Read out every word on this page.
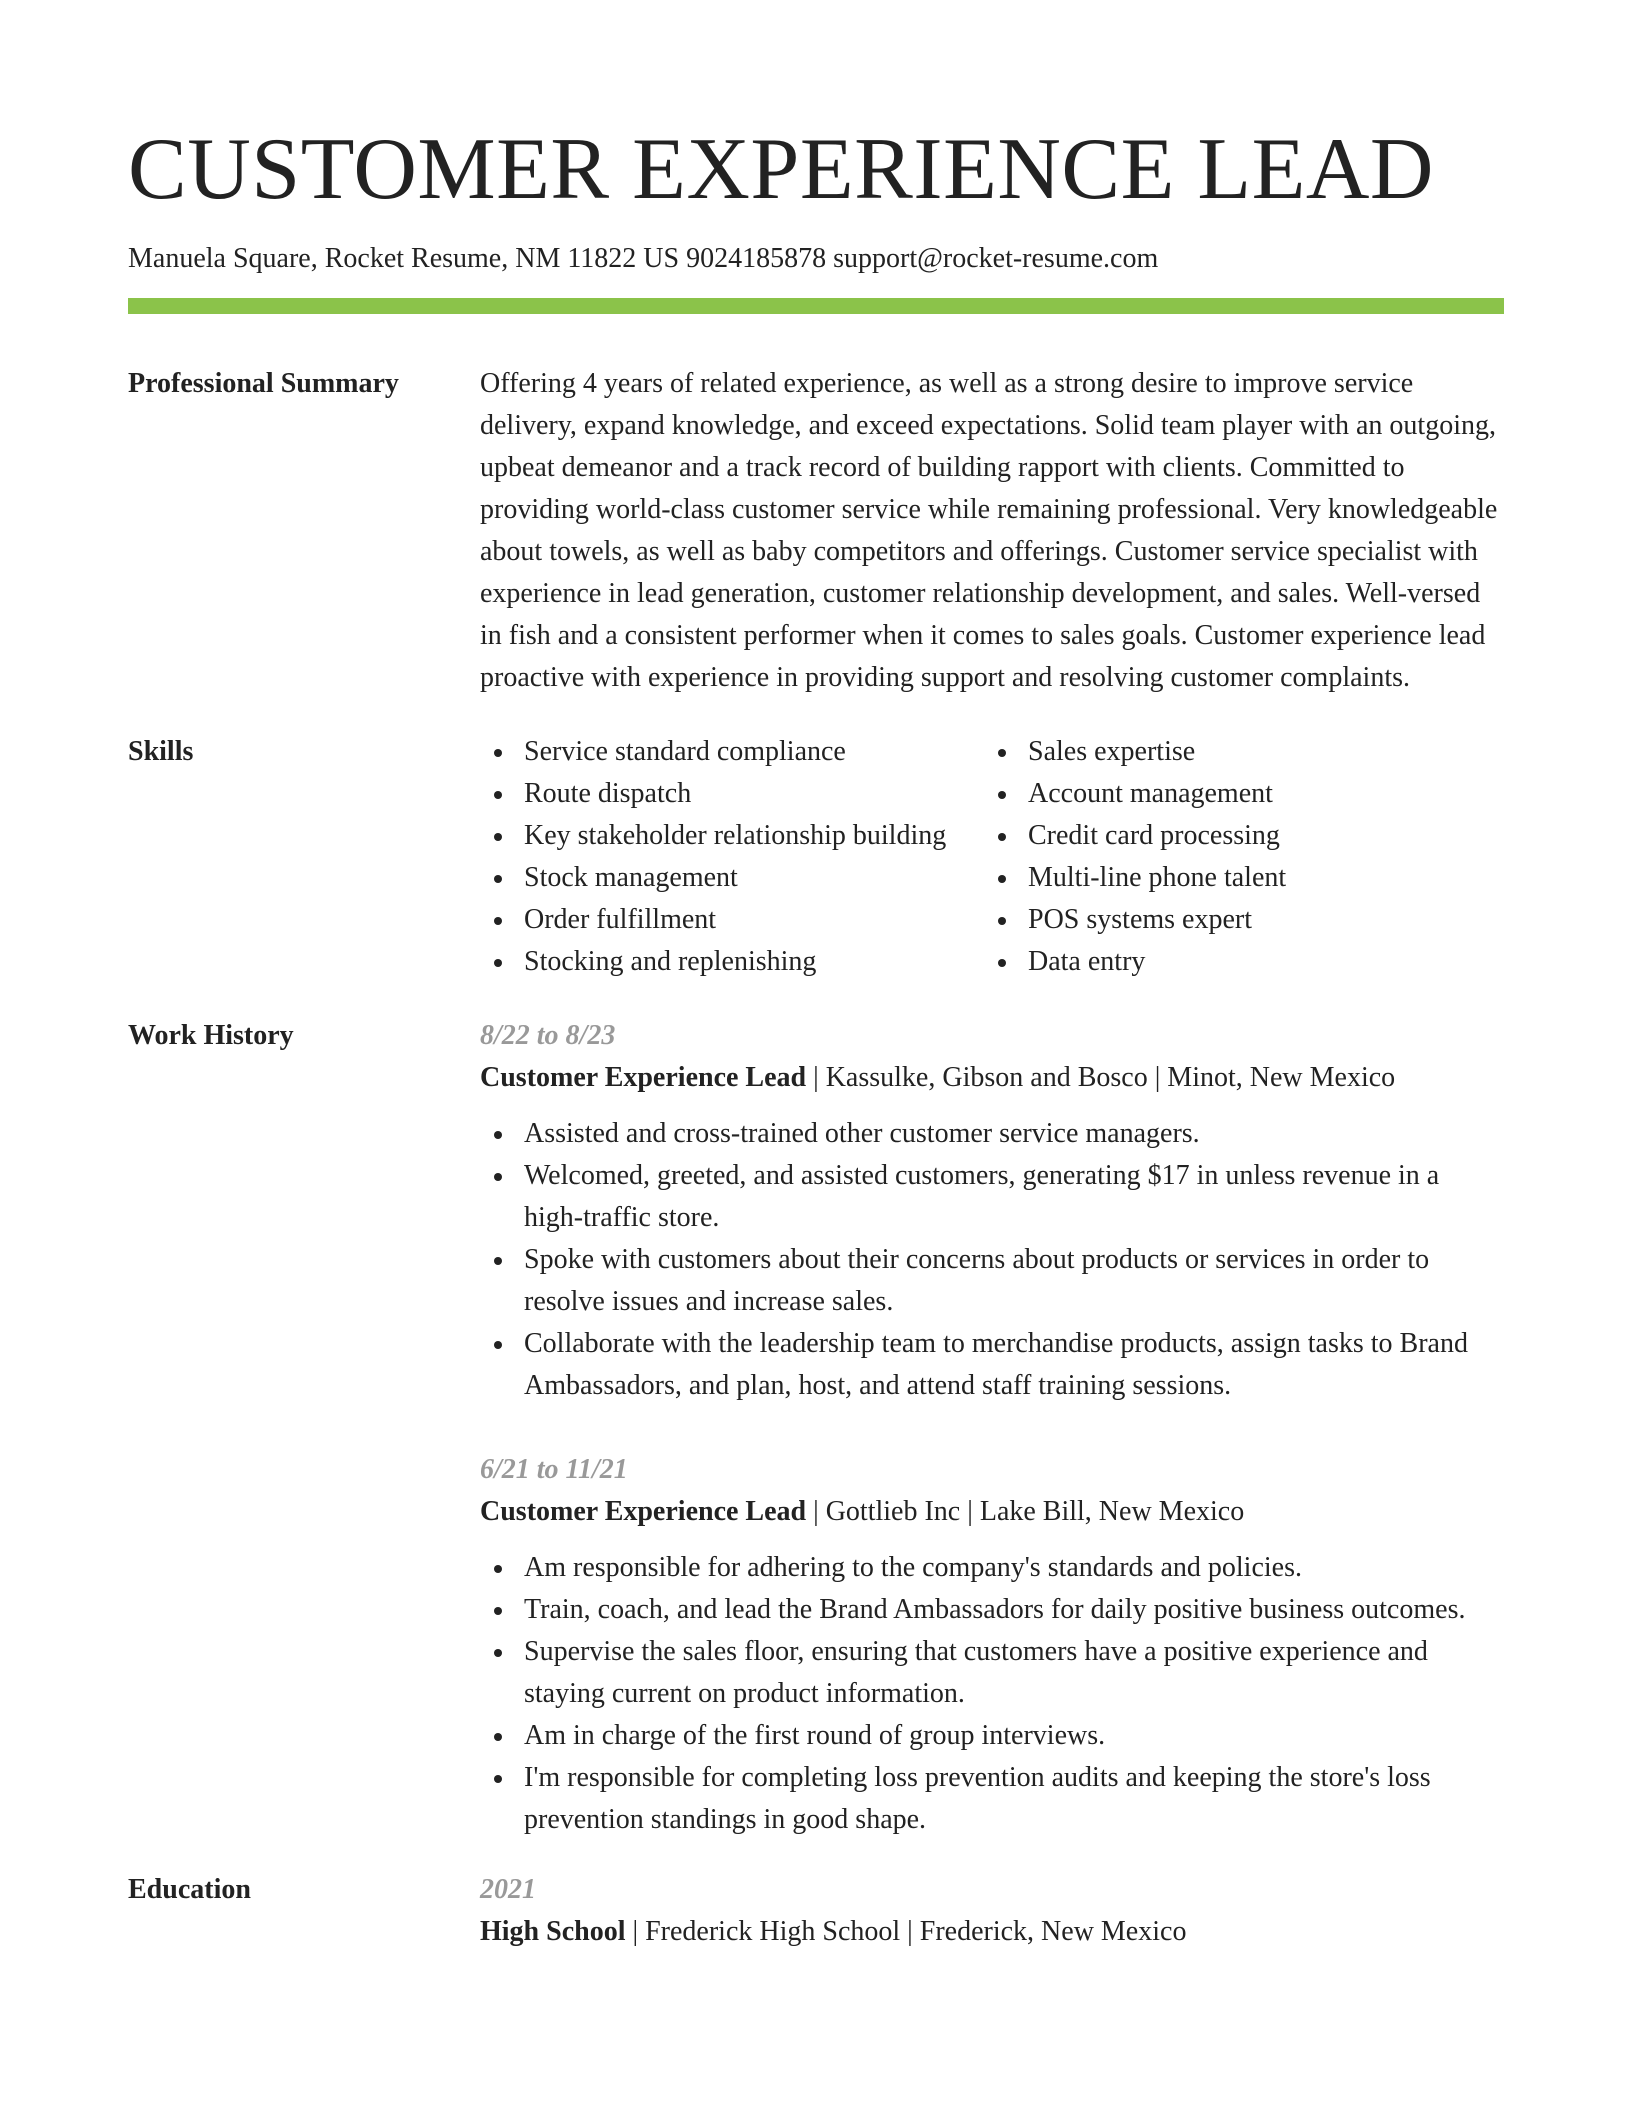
CUSTOMER EXPERIENCE LEAD
Manuela Square, Rocket Resume, NM 11822 US 9024185878 support@rocket-resume.com
Professional Summary	Offering 4 years of related experience, as well as a strong desire to improve service delivery, expand knowledge, and exceed expectations. Solid team player with an outgoing, upbeat demeanor and a track record of building rapport with clients. Committed to providing world-class customer service while remaining professional. Very knowledgeable about towels, as well as baby competitors and offerings. Customer service specialist with experience in lead generation, customer relationship development, and sales. Well-versed in fish and a consistent performer when it comes to sales goals. Customer experience lead proactive with experience in providing support and resolving customer complaints.
Skills	Service standard compliance
Route dispatch
Key stakeholder relationship building
Stock management
Order fulfillment
Stocking and replenishing
Sales expertise
Account management
Credit card processing
Multi-line phone talent
POS systems expert
Data entry
Work History	8/22 to 8/23
Customer Experience Lead | Kassulke, Gibson and Bosco | Minot, New Mexico
Assisted and cross-trained other customer service managers.
Welcomed, greeted, and assisted customers, generating $17 in unless revenue in a high-traffic store.
Spoke with customers about their concerns about products or services in order to resolve issues and increase sales.
Collaborate with the leadership team to merchandise products, assign tasks to Brand Ambassadors, and plan, host, and attend staff training sessions.
6/21 to 11/21
Customer Experience Lead | Gottlieb Inc | Lake Bill, New Mexico
Am responsible for adhering to the company's standards and policies.
Train, coach, and lead the Brand Ambassadors for daily positive business outcomes.
Supervise the sales floor, ensuring that customers have a positive experience and staying current on product information.
Am in charge of the first round of group interviews.
I'm responsible for completing loss prevention audits and keeping the store's loss prevention standings in good shape.
Education	2021
High School | Frederick High School | Frederick, New Mexico
